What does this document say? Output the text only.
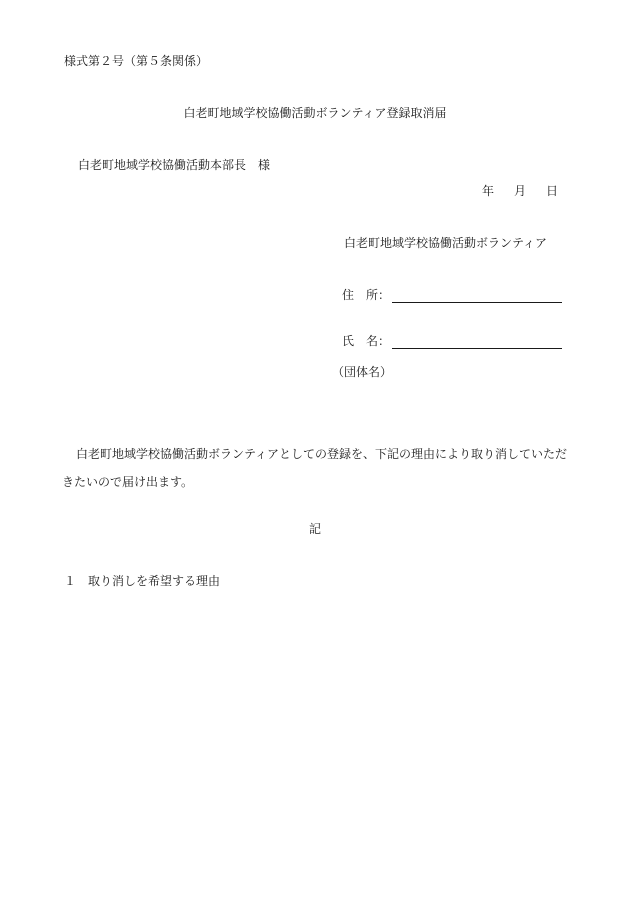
様式第２号（第５条関係）
白老町地域学校協働活動ボランティア登録取消届
白老町地域学校協働活動本部長　様
年 月 日
白老町地域学校協働活動ボランティア
住　所：
氏　名：
（団体名）
白老町地域学校協働活動ボランティアとしての登録を、下記の理由により取り消していただきたいので届け出ます。
記
１ 取り消しを希望する理由
